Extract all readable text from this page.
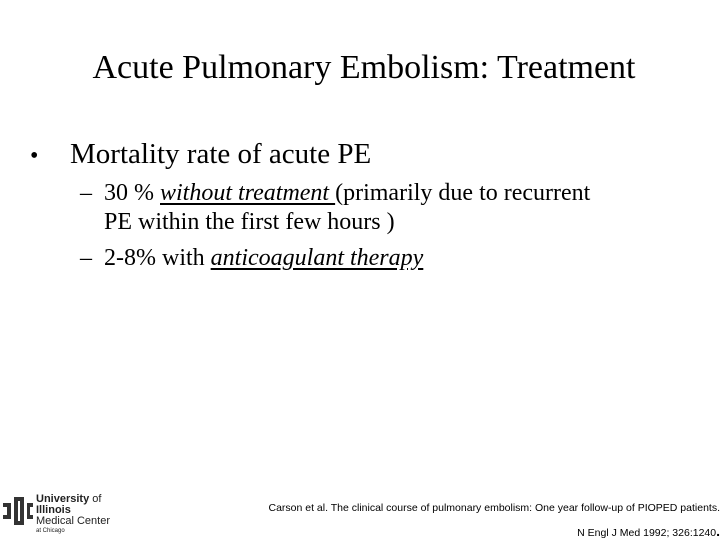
Acute Pulmonary Embolism: Treatment
• Mortality rate of acute PE
– 30 % without treatment (primarily due to recurrent
PE within the first few hours )
– 2-8% with anticoagulant therapy
University of
Illinois
Medical Center
at Chicago
Carson et al. The clinical course of pulmonary embolism: One year follow-up of PIOPED patients.
N Engl J Med 1992; 326:1240.
